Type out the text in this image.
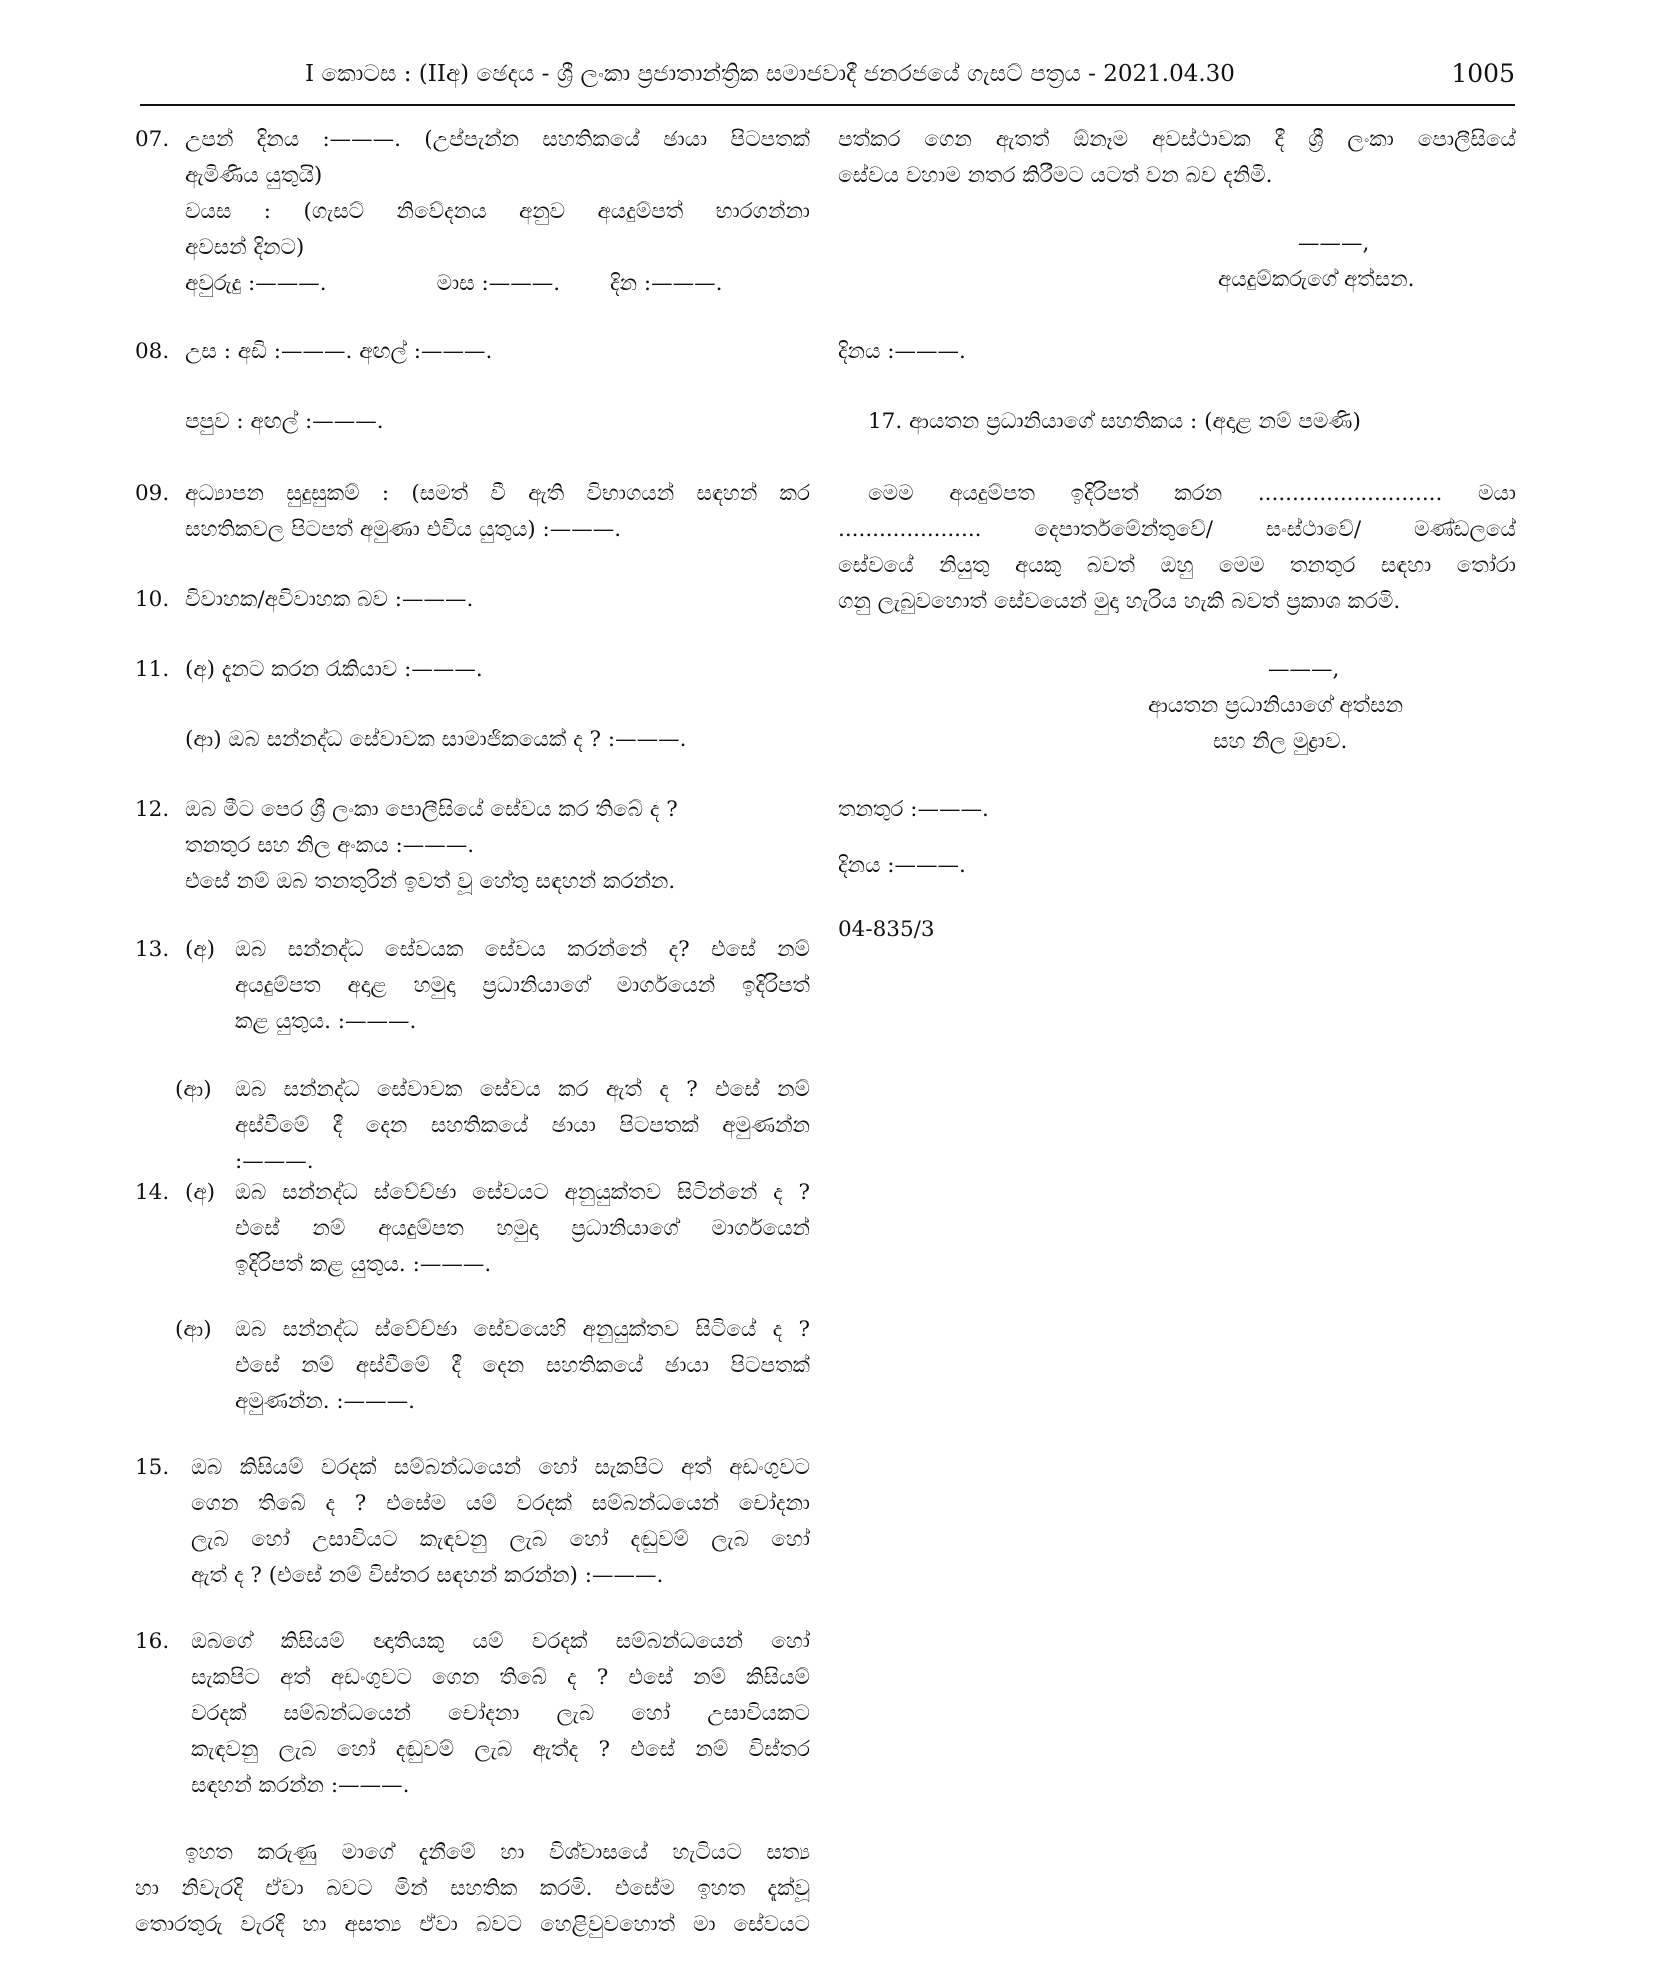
I කොටස : (IIඅ) ඡෙදය - ශ්‍රී ලංකා ප්‍රජාතාන්ත්‍රික සමාජවාදී ජනරජයේ ගැසට් පත්‍රය - 2021.04.30	1005
07. උපන් දිනය :———. (උප්පැන්න සහතිකයේ ඡායා පිටපතක්
ඇමිණිය යුතුයි)
වයස : (ගැසට් නිවේදනය අනුව අයදුම්පත් භාරගන්නා
අවසන් දිනට)
අවුරුදු :———.	මාස :———. දින :———.
08. උස : අඩි :———. අඟල් :———.
පපුව : අඟල් :———.
09. අධ්‍යාපන සුදුසුකම් : (සමත් වී ඇති විභාගයන් සඳහන් කර
සහතිකවල පිටපත් අමුණා එවිය යුතුය) :———.
10. විවාහක/අවිවාහක බව :———.
11. (අ) දැනට කරන රැකියාව :———.
(ආ) ඔබ සන්නද්ධ සේවාවක සාමාජිකයෙක් ද ? :———.
12. ඔබ මීට පෙර ශ්‍රී ලංකා පොලීසියේ සේවය කර තිබේ ද ?
තනතුර සහ නිල අංකය :———.
එසේ නම් ඔබ තනතුරින් ඉවත් වූ හේතු සඳහන් කරන්න.
13. (අ) ඔබ සන්නද්ධ සේවයක සේවය කරන්නේ ද? එසේ නම්
අයදුම්පත අදාළ හමුදා ප්‍රධානියාගේ මාර්ගයෙන් ඉදිරිපත්
කළ යුතුය. :———.
(ආ) ඔබ සන්නද්ධ සේවාවක සේවය කර ඇත් ද ? එසේ නම්
අස්වීමේ දී දෙන සහතිකයේ ඡායා පිටපතක් අමුණන්න
:———.
14. (අ) ඔබ සන්නද්ධ ස්වේච්ඡා සේවයට අනුයුක්තව සිටින්නේ ද ?
එසේ නම් අයදුම්පත හමුදා ප්‍රධානියාගේ මාර්ගයෙන්
ඉදිරිපත් කළ යුතුය. :———.
(ආ) ඔබ සන්නද්ධ ස්වේච්ඡා සේවයෙහි අනුයුක්තව සිටියේ ද ?
එසේ නම් අස්වීමේ දී දෙන සහතිකයේ ඡායා පිටපතක්
අමුණන්න. :———.
15.	ඔබ කිසියම් වරදක් සම්බන්ධයෙන් හෝ සැකපිට අත් අඩංගුවට
ගෙන තිබේ ද ? එසේම යම් වරදක් සම්බන්ධයෙන් චෝදනා
ලැබ හෝ උසාවියට කැඳවනු ලැබ හෝ දඬුවම් ලැබ හෝ
ඇත් ද ? (එසේ නම් විස්තර සඳහන් කරන්න) :———.
16.	ඔබගේ කිසියම් ඥාතියකු යම් වරදක් සම්බන්ධයෙන් හෝ
සැකපිට අත් අඩංගුවට ගෙන තිබේ ද ? එසේ නම් කිසියම්
වරදක් සම්බන්ධයෙන් චෝදනා ලැබ හෝ උසාවියකට
කැඳවනු ලැබ හෝ දඬුවම් ලැබ ඇත්ද ? එසේ නම් විස්තර
සඳහන් කරන්න :———.
ඉහත කරුණු මාගේ දැනීමේ හා විශ්වාසයේ හැටියට සත්‍ය
හා නිවැරදි ඒවා බවට මින් සහතික කරමි. එසේම ඉහත දැක්වූ
තොරතුරු වැරදි හා අසත්‍ය ඒවා බවට හෙළිවුවහොත් මා සේවයට
පත්කර ගෙන ඇතත් ඕනෑම අවස්ථාවක දී ශ්‍රී ලංකා පොලීසියේ
සේවය වහාම නතර කිරීමට යටත් වන බව දනිමි.
———,
අයදුම්කරුගේ අත්සන.
දිනය :———.
17. ආයතන ප්‍රධානියාගේ සහතිකය : (අදාළ නම් පමණි)
මෙම අයදුම්පත ඉදිරිපත් කරන ........................... මයා
..................... දෙපාර්තමේන්තුවේ/ සංස්ථාවේ/ මණ්ඩලයේ
සේවයේ නියුතු අයකු බවත් ඔහු මෙම තනතුර සඳහා තෝරා
ගනු ලැබුවහොත් සේවයෙන් මුදා හැරිය හැකි බවත් ප්‍රකාශ කරමි.
———,
ආයතන ප්‍රධානියාගේ අත්සන
සහ නිල මුද්‍රාව.
තනතුර :———.
දිනය :———.
04-835/3
